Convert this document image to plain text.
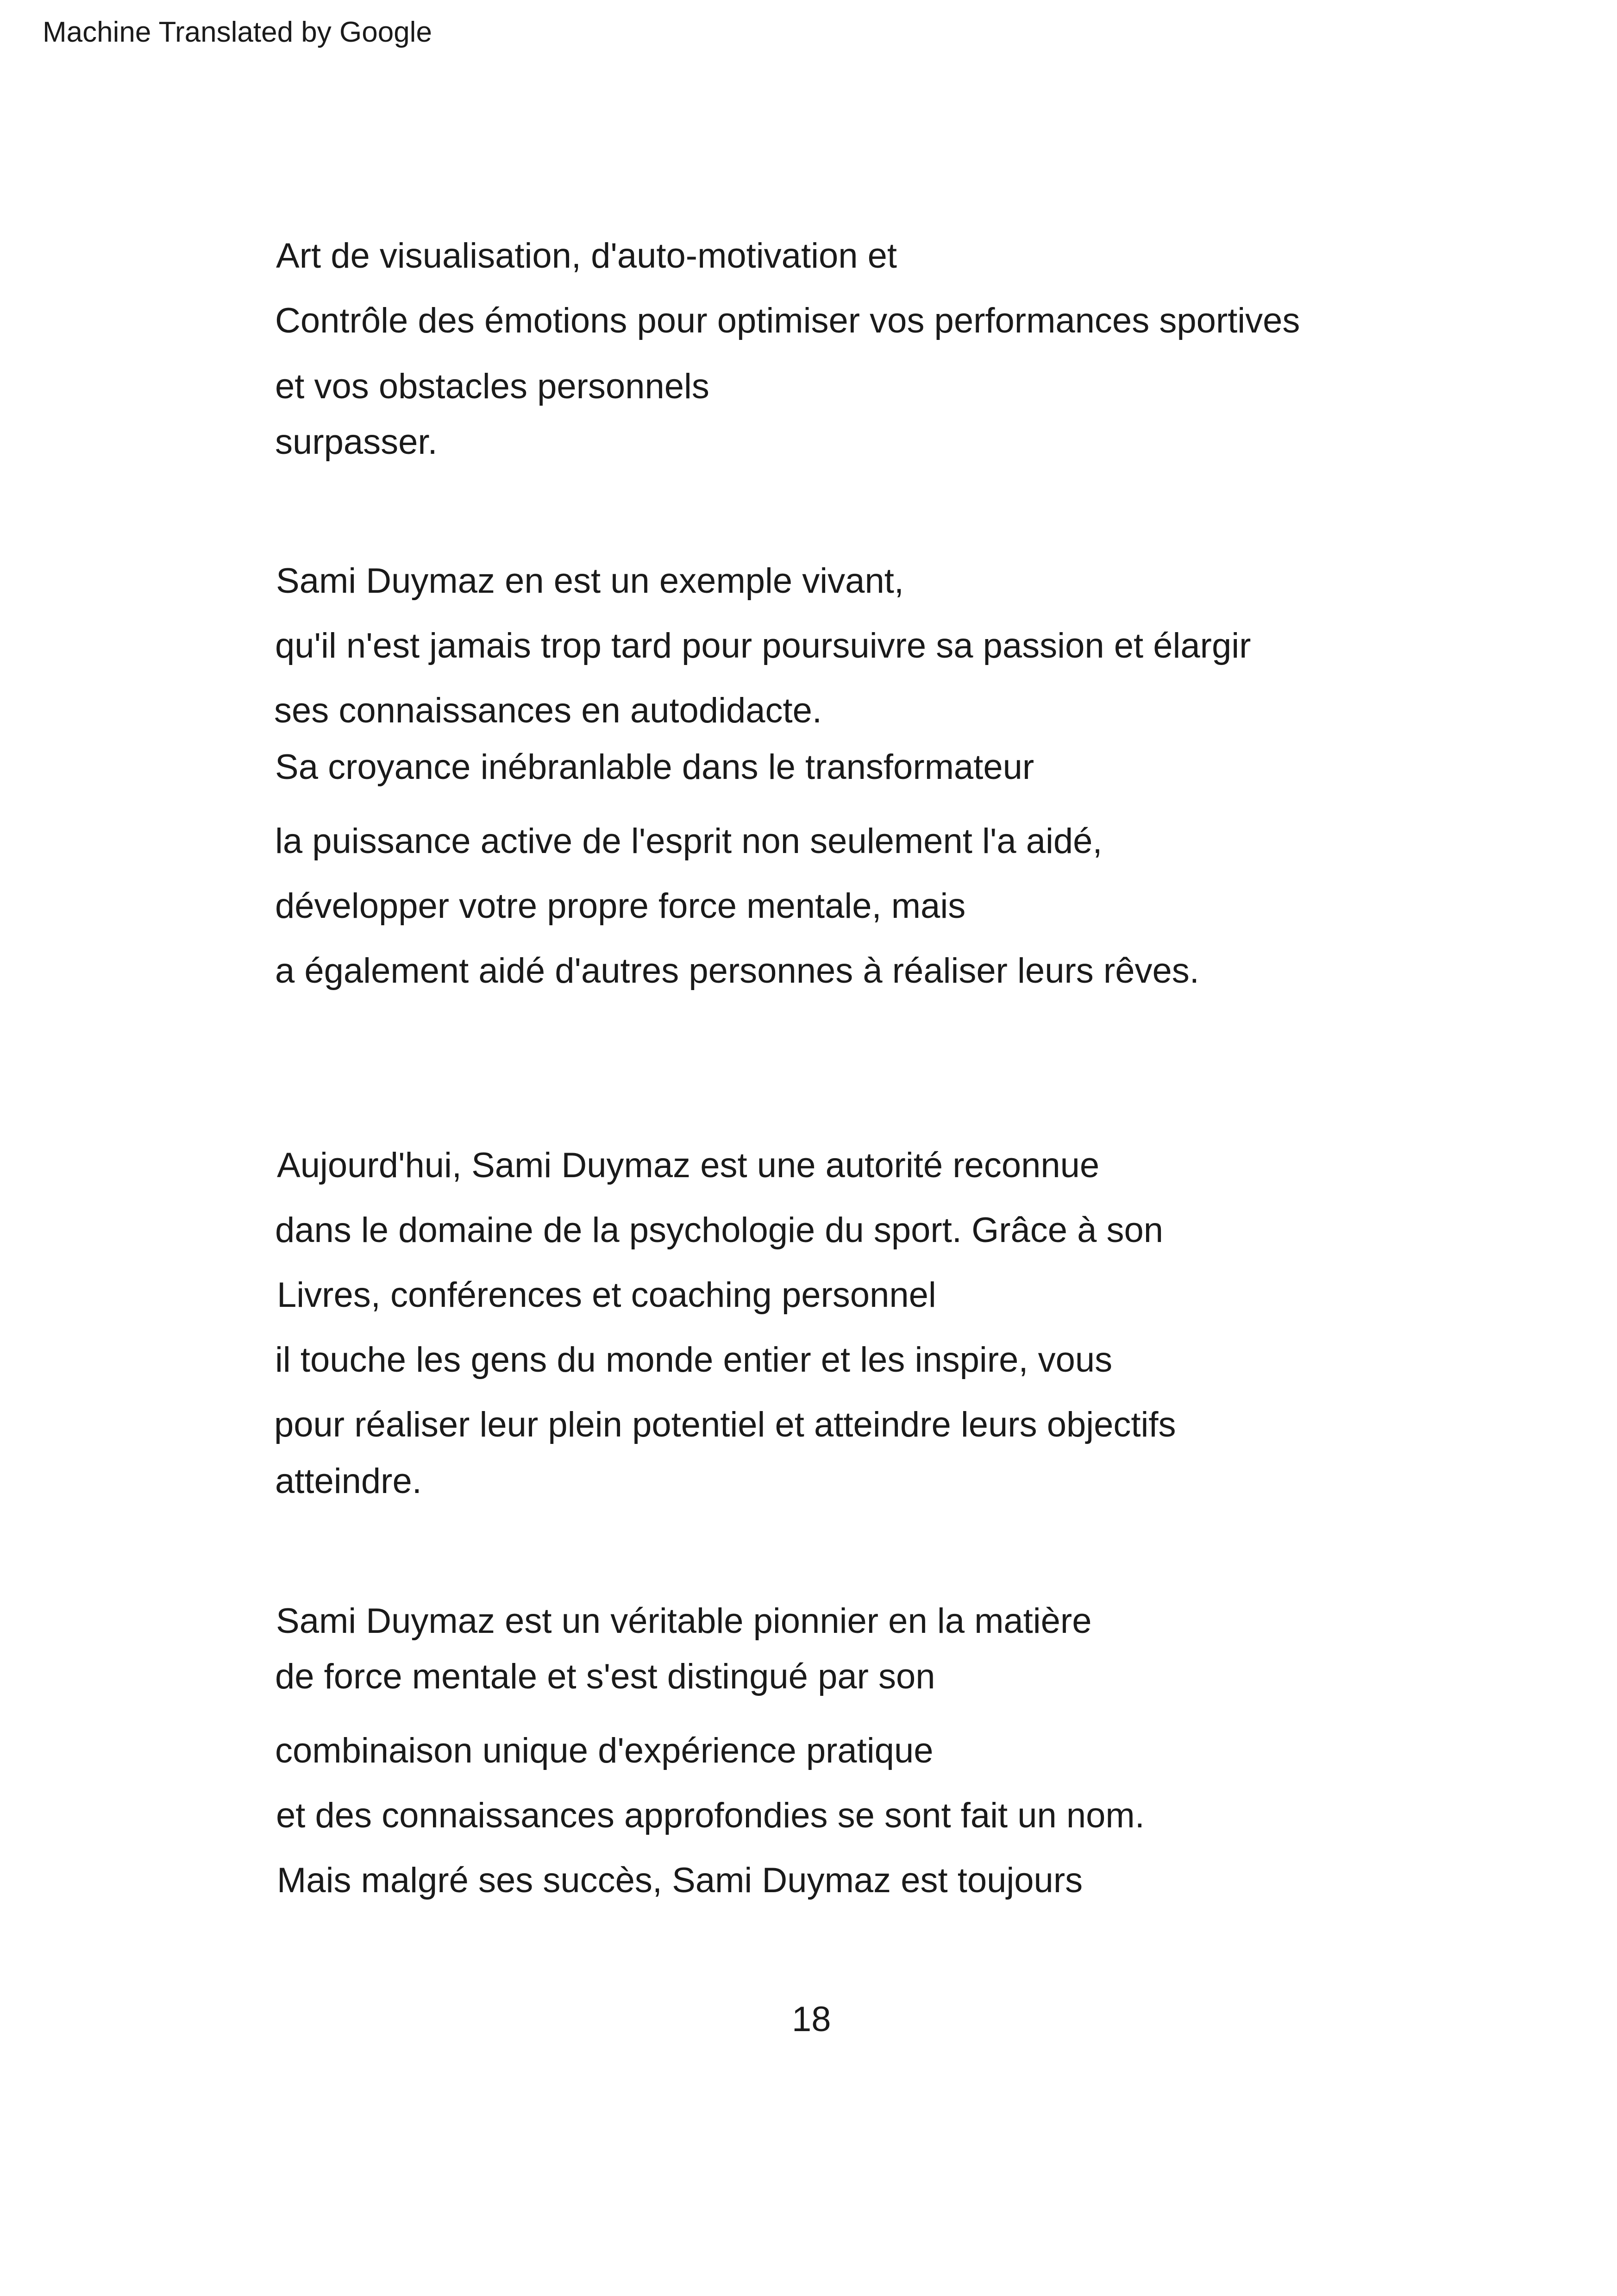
Machine Translated by Google
Art de visualisation, d'auto-motivation et
Contrôle des émotions pour optimiser vos performances sportives
et vos obstacles personnels
surpasser.
Sami Duymaz en est un exemple vivant,
qu'il n'est jamais trop tard pour poursuivre sa passion et élargir
ses connaissances en autodidacte.
Sa croyance inébranlable dans le transformateur
la puissance active de l'esprit non seulement l'a aidé,
développer votre propre force mentale, mais
a également aidé d'autres personnes à réaliser leurs rêves.
Aujourd'hui, Sami Duymaz est une autorité reconnue
dans le domaine de la psychologie du sport. Grâce à son
Livres, conférences et coaching personnel
il touche les gens du monde entier et les inspire, vous
pour réaliser leur plein potentiel et atteindre leurs objectifs
atteindre.
Sami Duymaz est un véritable pionnier en la matière
de force mentale et s'est distingué par son
combinaison unique d'expérience pratique
et des connaissances approfondies se sont fait un nom.
Mais malgré ses succès, Sami Duymaz est toujours
18
